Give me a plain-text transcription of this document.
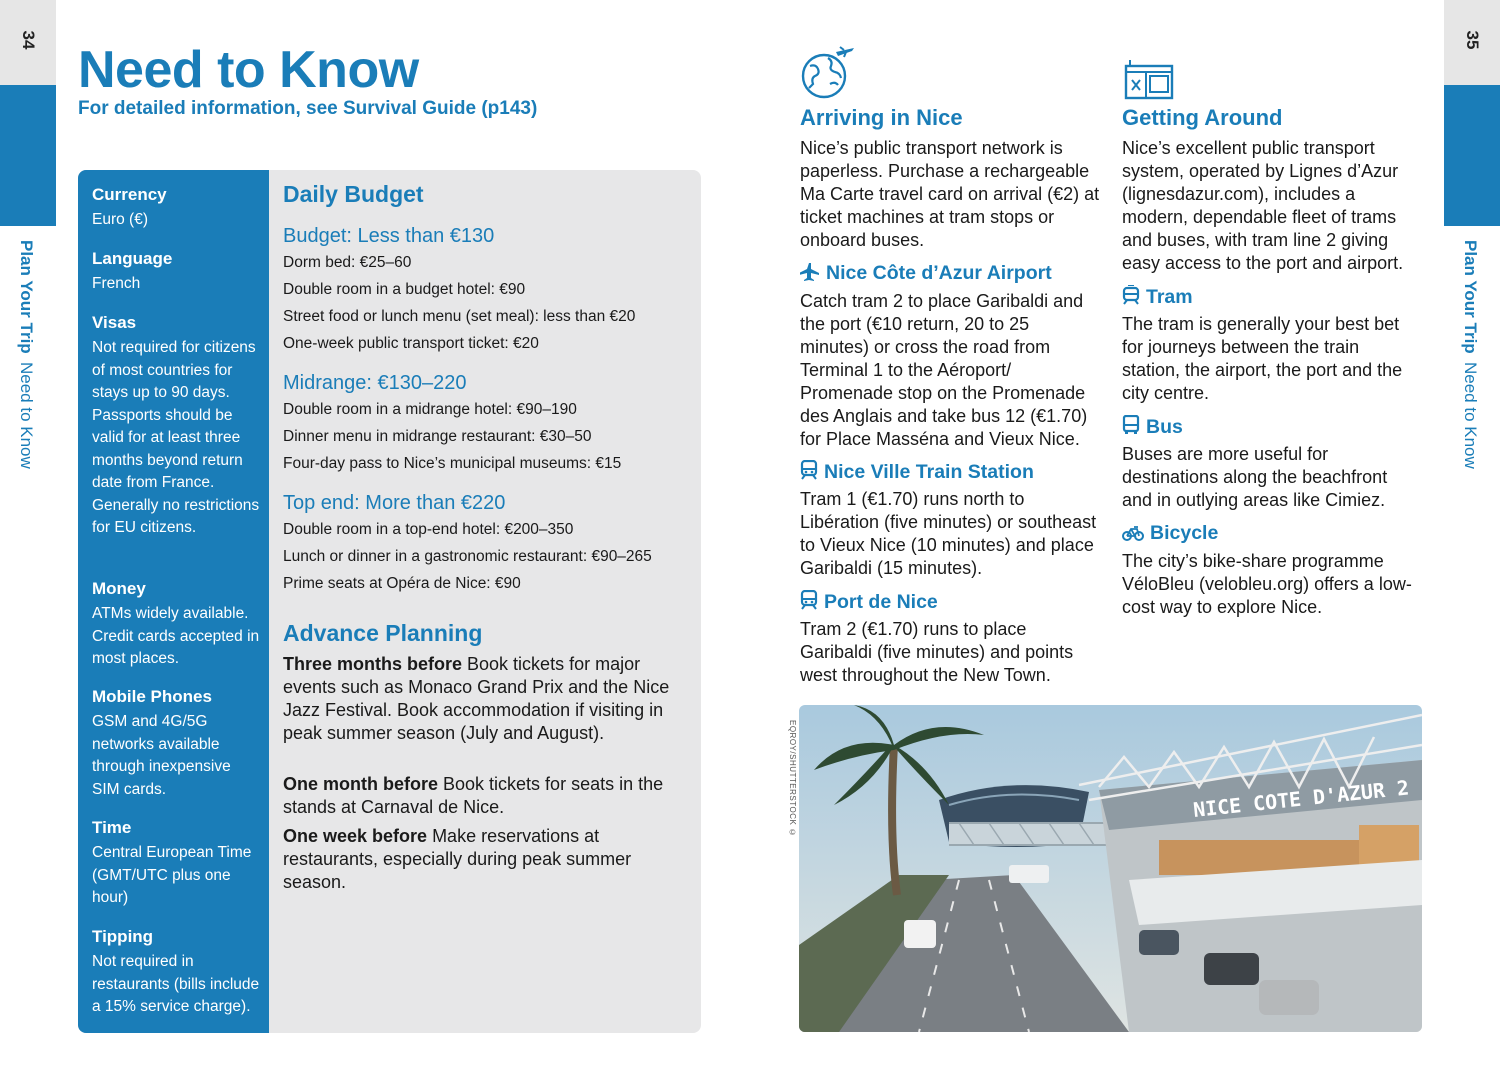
34
Plan Your TripNeed to Know
35
Plan Your TripNeed to Know
Need to Know
For detailed information, see Survival Guide (p143)
Currency

Euro (€)

Language

French

Visas

Not required for citizens of most countries for stays up to 90 days. Passports should be valid for at least three months beyond return date from France. Generally no restrictions for EU citizens.

Money

ATMs widely available. Credit cards accepted in most places.

Mobile Phones

GSM and 4G/5G networks available through inexpensive SIM cards.

Time

Central European Time (GMT/UTC plus one hour)

Tipping

Not required in restaurants (bills include a 15% service charge).

Daily Budget
Budget: Less than €130
Dorm bed: €25–60
Double room in a budget hotel: €90
Street food or lunch menu (set meal): less than €20
One-week public transport ticket: €20
Midrange: €130–220
Double room in a midrange hotel: €90–190
Dinner menu in midrange restaurant: €30–50
Four-day pass to Nice’s municipal museums: €15
Top end: More than €220
Double room in a top-end hotel: €200–350
Lunch or dinner in a gastronomic restaurant: €90–265
Prime seats at Opéra de Nice: €90
Advance Planning
Three months before Book tickets for major events such as Monaco Grand Prix and the Nice Jazz Festival. Book accommodation if visiting in peak summer season (July and August).
One month before Book tickets for seats in the stands at Carnaval de Nice.
One week before Make reservations at restaurants, especially during peak summer season.
Arriving in Nice
Nice’s public transport network is paperless. Purchase a rechargeable Ma Carte travel card on arrival (€2) at ticket machines at tram stops or onboard buses.
Nice Côte d’Azur Airport
Catch tram 2 to place Garibaldi and the port (€10 return, 20 to 25 minutes) or cross the road from Terminal 1 to the Aéroport/ Promenade stop on the Promenade des Anglais and take bus 12 (€1.70) for Place Masséna and Vieux Nice.
Nice Ville Train Station
Tram 1 (€1.70) runs north to Libération (five minutes) or southeast to Vieux Nice (10 minutes) and place Garibaldi (15 minutes).
Port de Nice
Tram 2 (€1.70) runs to place Garibaldi (five minutes) and points west throughout the New Town.
Getting Around
Nice’s excellent public transport system, operated by Lignes d’Azur (lignesdazur.com), includes a modern, dependable fleet of trams and buses, with tram line 2 giving easy access to the port and airport.
Tram
The tram is generally your best bet for journeys between the train station, the airport, the port and the city centre.
Bus
Buses are more useful for destinations along the beachfront and in outlying areas like Cimiez.
Bicycle
The city’s bike-share programme VéloBleu (velobleu.org) offers a low-cost way to explore Nice.
EQROY/SHUTTERSTOCK ©	NICE COTE D'AZUR 2
